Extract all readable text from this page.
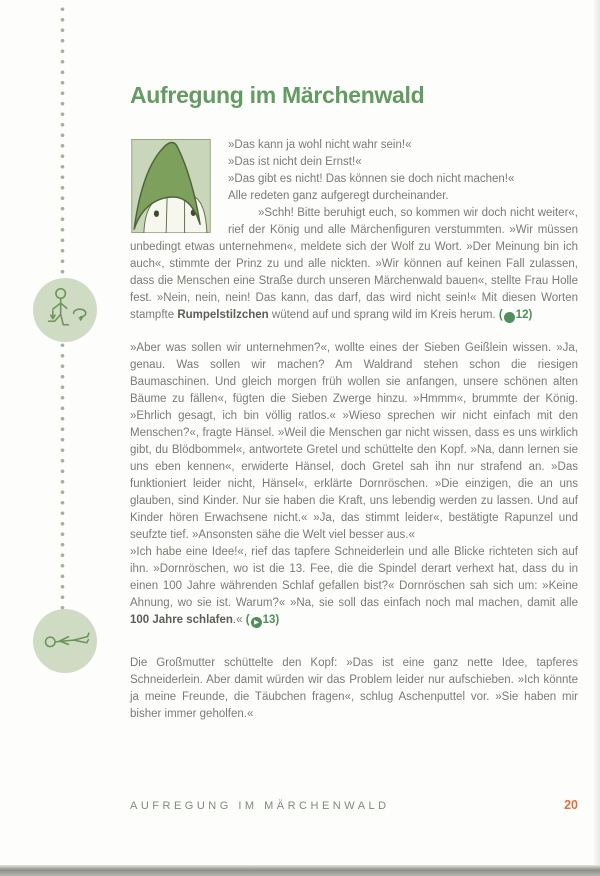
Aufregung im Märchenwald
»Das kann ja wohl nicht wahr sein!«
»Das ist nicht dein Ernst!«
»Das gibt es nicht! Das können sie doch nicht machen!«
Alle redeten ganz aufgeregt durcheinander.

»Schh! Bitte beruhigt euch, so kommen wir doch nicht weiter«, rief der König und alle Märchenfiguren verstummten. »Wir müssen unbedingt etwas unternehmen«, meldete sich der Wolf zu Wort. »Der Meinung bin ich auch«, stimmte der Prinz zu und alle nickten. »Wir können auf keinen Fall zulassen, dass die Menschen eine Straße durch unseren Märchenwald bauen«, stellte Frau Holle fest. »Nein, nein, nein! Das kann, das darf, das wird nicht sein!« Mit diesen Worten stampfte Rumpelstilzchen wütend auf und sprang wild im Kreis herum. (	▶12)

»Aber was sollen wir unternehmen?«, wollte eines der Sieben Geißlein wissen. »Ja, genau. Was sollen wir machen? Am Waldrand stehen schon die riesigen Baumaschinen. Und gleich morgen früh wollen sie anfangen, unsere schönen alten Bäume zu fällen«, fügten die Sieben Zwerge hinzu. »Hmmm«, brummte der König. »Ehrlich gesagt, ich bin völlig ratlos.« »Wieso sprechen wir nicht einfach mit den Menschen?«, fragte Hänsel. »Weil die Menschen gar nicht wissen, dass es uns wirklich gibt, du Blödbommel«, antwortete Gretel und schüttelte den Kopf. »Na, dann lernen sie uns eben kennen«, erwiderte Hänsel, doch Gretel sah ihn nur strafend an. »Das funktioniert leider nicht, Hänsel«, erklärte Dornröschen. »Die einzigen, die an uns glauben, sind Kinder. Nur sie haben die Kraft, uns lebendig werden zu lassen. Und auf Kinder hören Erwachsene nicht.« »Ja, das stimmt leider«, bestätigte Rapunzel und seufzte tief. »Ansonsten sähe die Welt viel besser aus.«

»Ich habe eine Idee!«, rief das tapfere Schneiderlein und alle Blicke richteten sich auf ihn. »Dornröschen, wo ist die 13. Fee, die die Spindel derart verhext hat, dass du in einen 100 Jahre währenden Schlaf gefallen bist?« Dornröschen sah sich um: »Keine Ahnung, wo sie ist. Warum?« »Na, sie soll das einfach noch mal machen, damit alle 100 Jahre schlafen.« ( ▶ 13)

Die Großmutter schüttelte den Kopf: »Das ist eine ganz nette Idee, tapferes Schneiderlein. Aber damit würden wir das Problem leider nur aufschieben. »Ich könnte ja meine Freunde, die Täubchen fragen«, schlug Aschenputtel vor. »Sie haben mir bisher immer geholfen.«

AUFREGUNG IM MÄRCHENWALD	20
